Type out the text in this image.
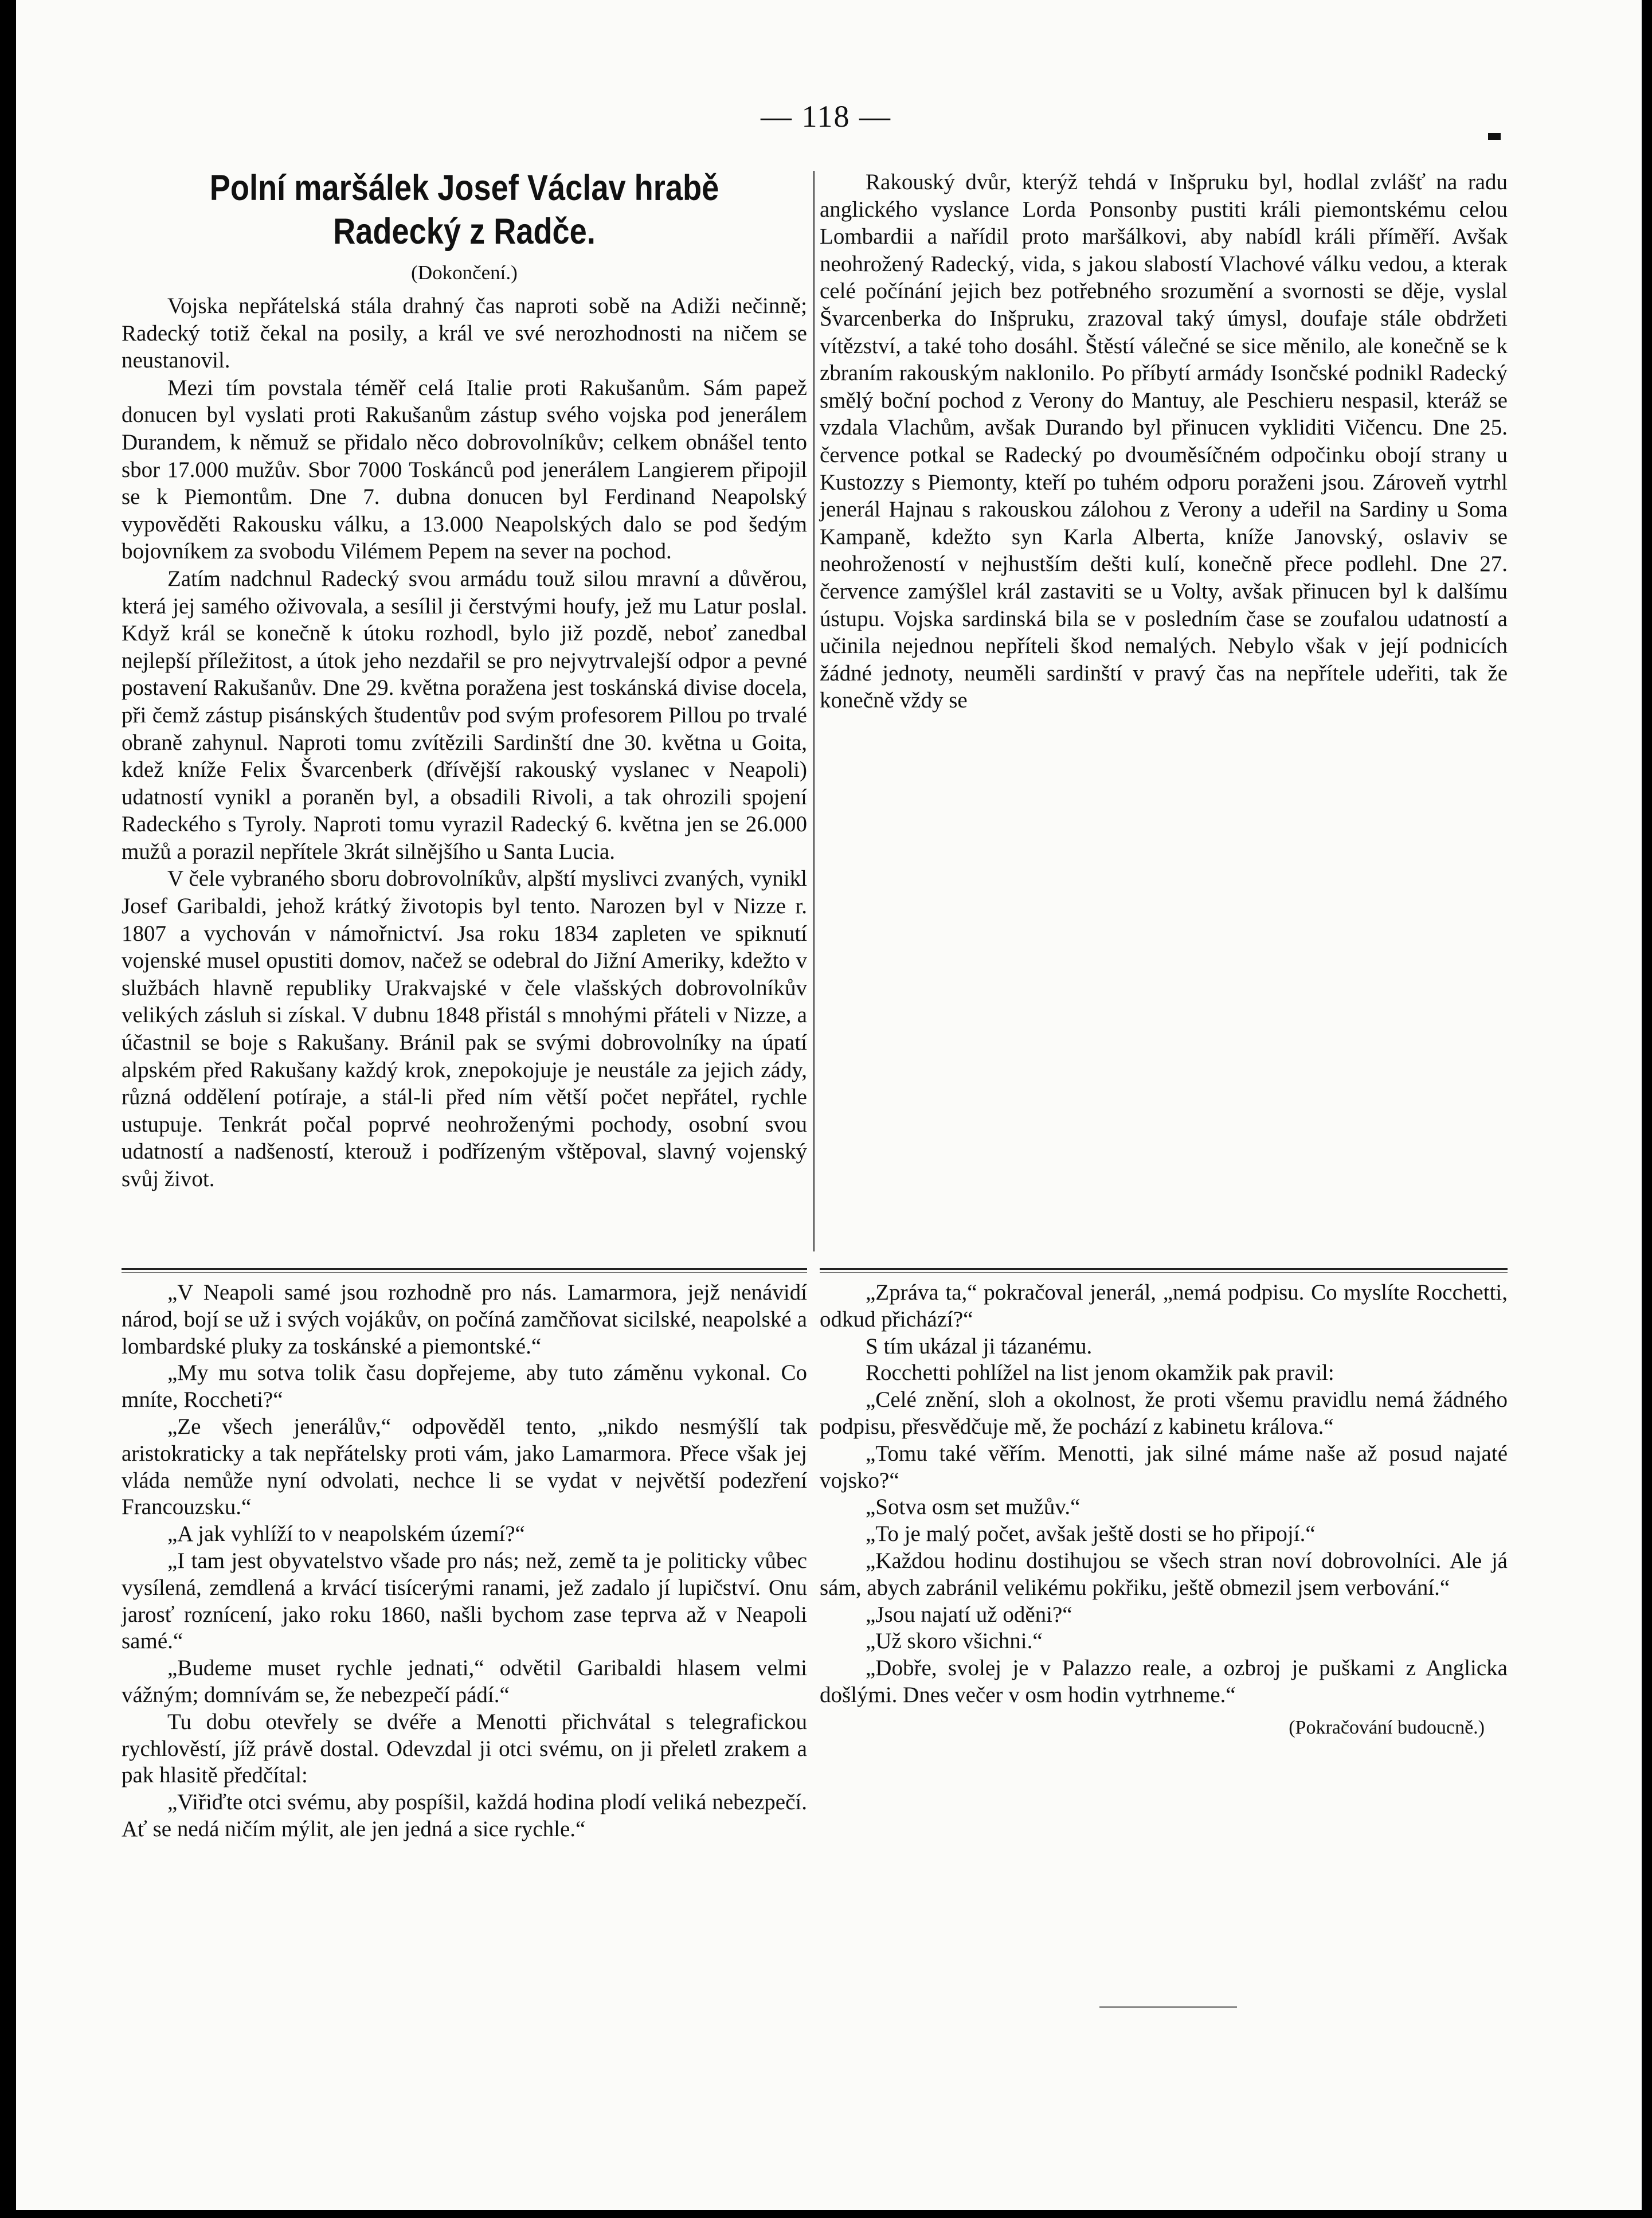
— 118 —
Polní maršálek Josef Václav hrabě
Radecký z Radče.
(Dokončení.)

Vojska nepřátelská stála drahný čas naproti sobě na Adiži nečinně; Radecký totiž čekal na posily, a král ve své nerozhodnosti na ničem se neustanovil.

Mezi tím povstala téměř celá Italie proti Rakušanům. Sám papež donucen byl vyslati proti Rakušanům zástup svého vojska pod jenerálem Durandem, k němuž se přidalo něco dobrovolníkův; celkem obnášel tento sbor 17.000 mužův. Sbor 7000 Toskánců pod jenerálem Langierem připojil se k Piemontům. Dne 7. dubna donucen byl Ferdinand Neapolský vypověděti Rakousku válku, a 13.000 Neapolských dalo se pod šedým bojovníkem za svobodu Vilémem Pepem na sever na pochod.

Zatím nadchnul Radecký svou armádu touž silou mravní a důvěrou, která jej samého oživovala, a sesílil ji čerstvými houfy, jež mu Latur poslal. Když král se konečně k útoku rozhodl, bylo již pozdě, neboť zanedbal nejlepší příležitost, a útok jeho nezdařil se pro nejvytrvalejší odpor a pevné postavení Rakušanův. Dne 29. května poražena jest toskánská divise docela, při čemž zástup pisánských študentův pod svým profesorem Pillou po trvalé obraně zahynul. Naproti tomu zvítězili Sardinští dne 30. května u Goita, kdež kníže Felix Švarcenberk (dřívější rakouský vyslanec v Neapoli) udatností vynikl a poraněn byl, a obsadili Rivoli, a tak ohrozili spojení Radeckého s Tyroly. Naproti tomu vyrazil Radecký 6. května jen se 26.000 mužů a porazil nepřítele 3krát silnějšího u Santa Lucia.

V čele vybraného sboru dobrovolníkův, alpští myslivci zvaných, vynikl Josef Garibaldi, jehož krátký životopis byl tento. Narozen byl v Nizze r. 1807 a vychován v námořnictví. Jsa roku 1834 zapleten ve spiknutí vojenské musel opustiti domov, načež se odebral do Jižní Ameriky, kdežto v službách hlavně republiky Urakvajské v čele vlašských dobrovolníkův velikých zásluh si získal. V dubnu 1848 přistál s mnohými přáteli v Nizze, a účastnil se boje s Rakušany. Bránil pak se svými dobrovolníky na úpatí alpském před Rakušany každý krok, znepokojuje je neustále za jejich zády, různá oddělení potíraje, a stál-li před ním větší počet nepřátel, rychle ustupuje. Tenkrát počal poprvé neohroženými pochody, osobní svou udatností a nadšeností, kterouž i podřízeným vštěpoval, slavný vojenský svůj život.

Rakouský dvůr, kterýž tehdá v Inšpruku byl, hodlal zvlášť na radu anglického vyslance Lorda Ponsonby pustiti králi piemontskému celou Lombardii a nařídil proto maršálkovi, aby nabídl králi příměří. Avšak neohrožený Radecký, vida, s jakou slabostí Vlachové válku vedou, a kterak celé počínání jejich bez potřebného srozumění a svornosti se děje, vyslal Švarcenberka do Inšpruku, zrazoval taký úmysl, doufaje stále obdržeti vítězství, a také toho dosáhl. Štěstí válečné se sice měnilo, ale konečně se k zbraním rakouským naklonilo. Po příbytí armády Isončské podnikl Radecký smělý boční pochod z Verony do Mantuy, ale Peschieru nespasil, kteráž se vzdala Vlachům, avšak Durando byl přinucen vykliditi Vičencu. Dne 25. července potkal se Radecký po dvouměsíčném odpočinku obojí strany u Kustozzy s Piemonty, kteří po tuhém odporu poraženi jsou. Zároveň vytrhl jenerál Hajnau s rakouskou zálohou z Verony a udeřil na Sardiny u Soma Kampaně, kdežto syn Karla Alberta, kníže Janovský, oslaviv se neohrožeností v nejhustším dešti kulí, konečně přece podlehl. Dne 27. července zamýšlel král zastaviti se u Volty, avšak přinucen byl k dalšímu ústupu. Vojska sardinská bila se v posledním čase se zoufalou udatností a učinila nejednou nepříteli škod nemalých. Nebylo však v její podnicích žádné jednoty, neuměli sardinští v pravý čas na nepřítele udeřiti, tak že konečně vždy se

„V Neapoli samé jsou rozhodně pro nás. Lamarmora, jejž nenávidí národ, bojí se už i svých vojákův, on počíná zamčňovat sicilské, neapolské a lombardské pluky za toskánské a piemontské.“

„My mu sotva tolik času dopřejeme, aby tuto záměnu vykonal. Co mníte, Roccheti?“

„Ze všech jenerálův,“ odpověděl tento, „nikdo nesmýšlí tak aristokraticky a tak nepřátelsky proti vám, jako Lamarmora. Přece však jej vláda nemůže nyní odvolati, nechce li se vydat v největší podezření Francouzsku.“

„A jak vyhlíží to v neapolském území?“

„I tam jest obyvatelstvo všade pro nás; než, země ta je politicky vůbec vysílená, zemdlená a krvácí tisícerými ranami, jež zadalo jí lupičství. Onu jarosť roznícení, jako roku 1860, našli bychom zase teprva až v Neapoli samé.“

„Budeme muset rychle jednati,“ odvětil Garibaldi hlasem velmi vážným; domnívám se, že nebezpečí pádí.“

Tu dobu otevřely se dvéře a Menotti přichvátal s telegrafickou rychlověstí, jíž právě dostal. Odevzdal ji otci svému, on ji přeletl zrakem a pak hlasitě předčítal:

„Viřiďte otci svému, aby pospíšil, každá hodina plodí veliká nebezpečí. Ať se nedá ničím mýlit, ale jen jedná a sice rychle.“

„Zpráva ta,“ pokračoval jenerál, „nemá podpisu. Co myslíte Rocchetti, odkud přichází?“

S tím ukázal ji tázanému.

Rocchetti pohlížel na list jenom okamžik pak pravil:

„Celé znění, sloh a okolnost, že proti všemu pravidlu nemá žádného podpisu, přesvědčuje mě, že pochází z kabinetu králova.“

„Tomu také věřím. Menotti, jak silné máme naše až posud najaté vojsko?“

„Sotva osm set mužův.“

„To je malý počet, avšak ještě dosti se ho připojí.“

„Každou hodinu dostihujou se všech stran noví dobrovolníci. Ale já sám, abych zabránil velikému pokřiku, ještě obmezil jsem verbování.“

„Jsou najatí už oděni?“

„Už skoro všichni.“

„Dobře, svolej je v Palazzo reale, a ozbroj je puškami z Anglicka došlými. Dnes večer v osm hodin vytrhneme.“

(Pokračování budoucně.)
